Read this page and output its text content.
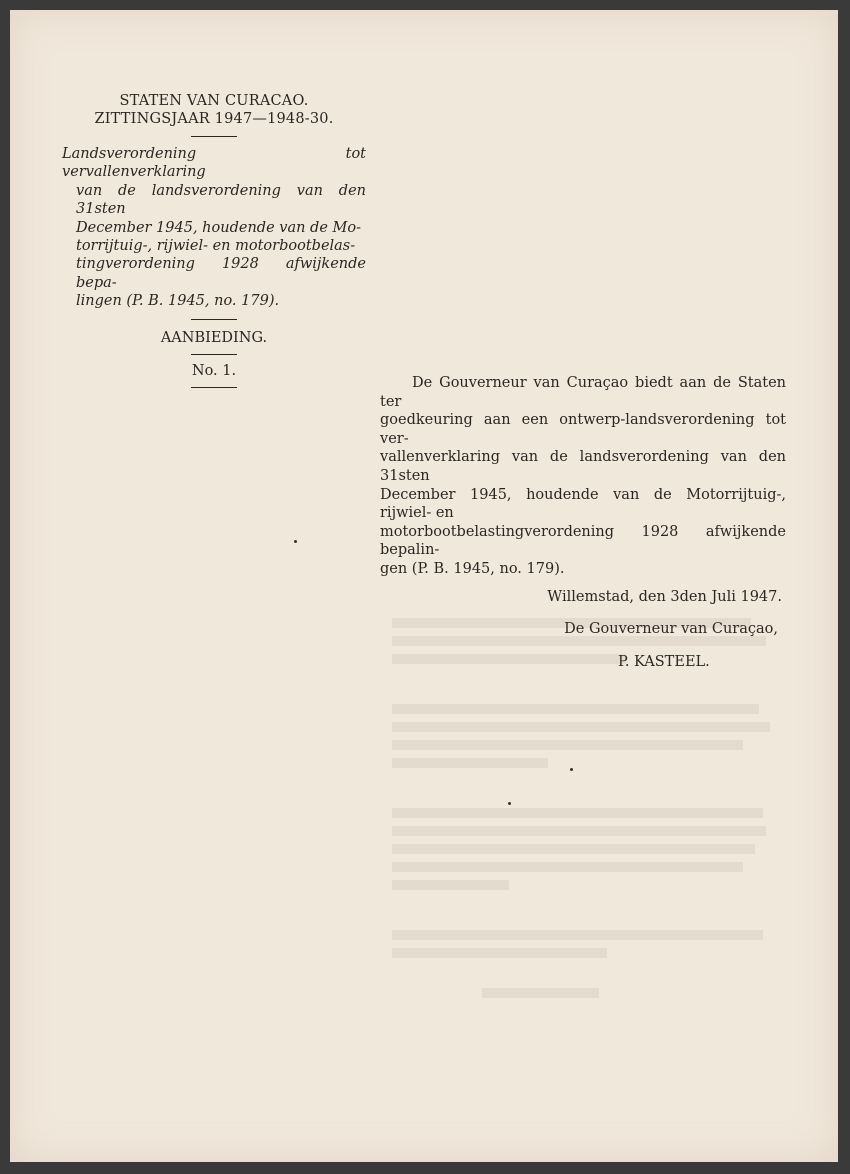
STATEN VAN CURACAO.
ZITTINGSJAAR 1947—1948-30.
Landsverordening tot vervallenverklaring
van de landsverordening van den 31sten
December 1945, houdende van de Mo-
torrijtuig-, rijwiel- en motorbootbelas-
tingverordening 1928 afwijkende bepa-
lingen (P. B. 1945, no. 179).
AANBIEDING.
No. 1.
De Gouverneur van Curaçao biedt aan de Staten ter
goedkeuring aan een ontwerp-landsverordening tot ver-
vallenverklaring van de landsverordening van den 31sten
December 1945, houdende van de Motorrijtuig-, rijwiel- en
motorbootbelastingverordening 1928 afwijkende bepalin-
gen (P. B. 1945, no. 179).
Willemstad, den 3den Juli 1947.
De Gouverneur van Curaçao,
P. KASTEEL.
